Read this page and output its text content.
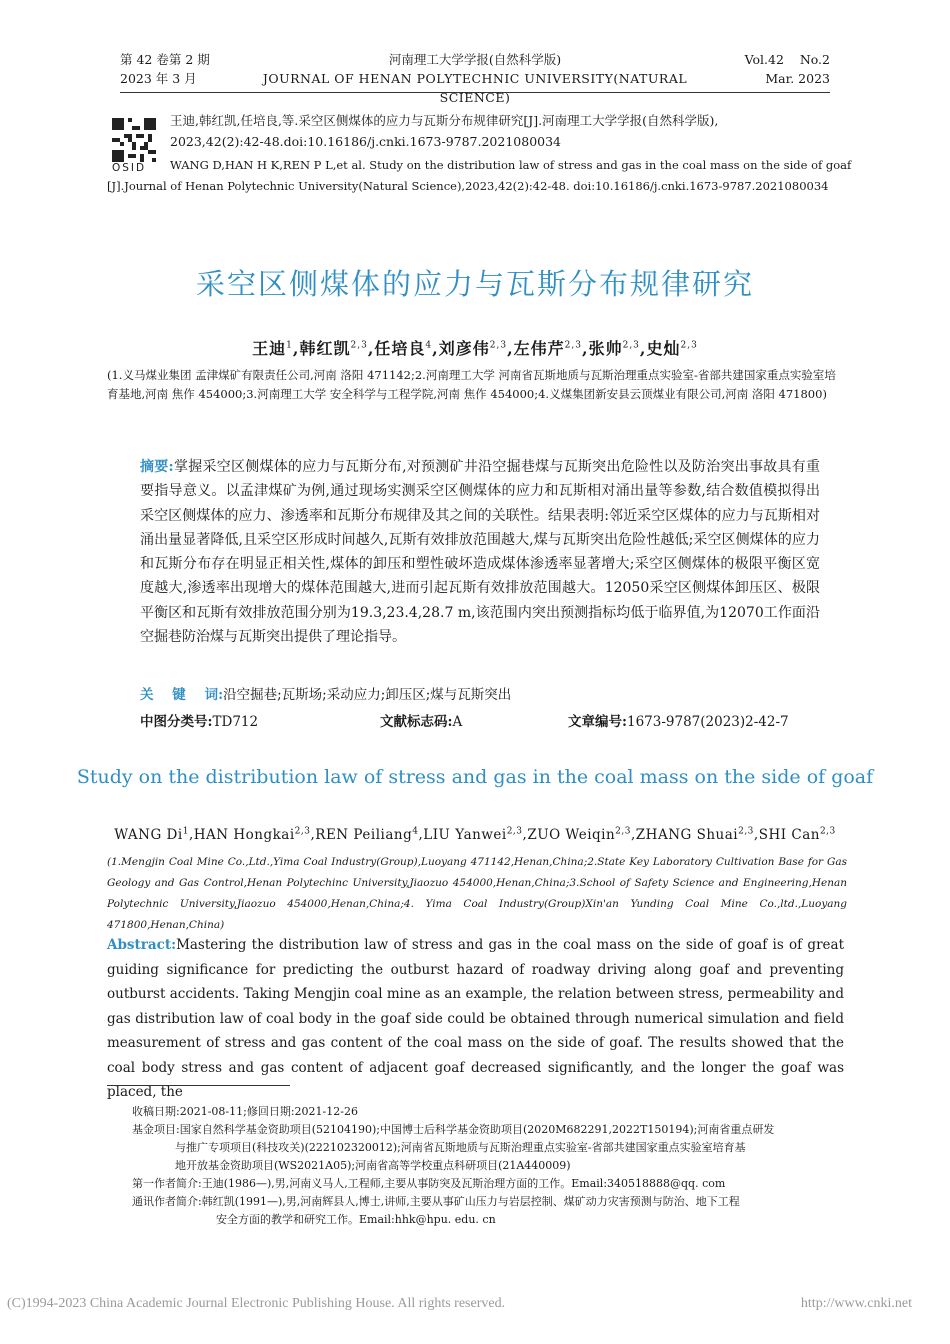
第 42 卷第 2 期
2023 年 3 月
河南理工大学学报(自然科学版)
JOURNAL OF HENAN POLYTECHNIC UNIVERSITY(NATURAL SCIENCE)
Vol.42    No.2
Mar. 2023
OSID
王迪,韩红凯,任培良,等.采空区侧煤体的应力与瓦斯分布规律研究[J].河南理工大学学报(自然科学版),
2023,42(2):42-48.doi:10.16186/j.cnki.1673-9787.2021080034
WANG D,HAN H K,REN P L,et al. Study on the distribution law of stress and gas in the coal mass on the side of goaf
[J].Journal of Henan Polytechnic University(Natural Science),2023,42(2):42-48. doi:10.16186/j.cnki.1673-9787.2021080034
采空区侧煤体的应力与瓦斯分布规律研究
王迪$^1$,韩红凯$^{2,3}$,任培良$^4$,刘彦伟$^{2,3}$,左伟芹$^{2,3}$,张帅$^{2,3}$,史灿$^{2,3}$
(1.义马煤业集团 孟津煤矿有限责任公司,河南 洛阳 471142;2.河南理工大学 河南省瓦斯地质与瓦斯治理重点实验室-省部共建国家重点实验室培育基地,河南 焦作 454000;3.河南理工大学 安全科学与工程学院,河南 焦作 454000;4.义煤集团新安县云顶煤业有限公司,河南 洛阳 471800)
摘要:掌握采空区侧煤体的应力与瓦斯分布,对预测矿井沿空掘巷煤与瓦斯突出危险性以及防治突出事故具有重要指导意义。以孟津煤矿为例,通过现场实测采空区侧煤体的应力和瓦斯相对涌出量等参数,结合数值模拟得出采空区侧煤体的应力、渗透率和瓦斯分布规律及其之间的关联性。结果表明:邻近采空区煤体的应力与瓦斯相对涌出量显著降低,且采空区形成时间越久,瓦斯有效排放范围越大,煤与瓦斯突出危险性越低;采空区侧煤体的应力和瓦斯分布存在明显正相关性,煤体的卸压和塑性破坏造成煤体渗透率显著增大;采空区侧煤体的极限平衡区宽度越大,渗透率出现增大的煤体范围越大,进而引起瓦斯有效排放范围越大。12050采空区侧煤体卸压区、极限平衡区和瓦斯有效排放范围分别为19.3,23.4,28.7 m,该范围内突出预测指标均低于临界值,为12070工作面沿空掘巷防治煤与瓦斯突出提供了理论指导。
关    键    词:沿空掘巷;瓦斯场;采动应力;卸压区;煤与瓦斯突出
中图分类号:TD712	文献标志码:A	文章编号:1673-9787(2023)2-42-7
Study on the distribution law of stress and gas in the coal mass on the side of goaf
WANG Di$^1$,HAN Hongkai$^{2,3}$,REN Peiliang$^4$,LIU Yanwei$^{2,3}$,ZUO Weiqin$^{2,3}$,ZHANG Shuai$^{2,3}$,SHI Can$^{2,3}$
(1.Mengjin Coal Mine Co.,Ltd.,Yima Coal Industry(Group),Luoyang 471142,Henan,China;2.State Key Laboratory Cultivation Base for Gas Geology and Gas Control,Henan Polytechinc University,Jiaozuo 454000,Henan,China;3.School of Safety Science and Engineering,Henan Polytechnic University,Jiaozuo 454000,Henan,China;4. Yima Coal Industry(Group)Xin'an Yunding Coal Mine Co.,ltd.,Luoyang 471800,Henan,China)
Abstract:Mastering the distribution law of stress and gas in the coal mass on the side of goaf is of great guiding significance for predicting the outburst hazard of roadway driving along goaf and preventing outburst accidents. Taking Mengjin coal mine as an example, the relation between stress, permeability and gas distribution law of coal body in the goaf side could be obtained through numerical simulation and field measurement of stress and gas content of the coal mass on the side of goaf. The results showed that the coal body stress and gas content of adjacent goaf decreased significantly, and the longer the goaf was placed, the
收稿日期:2021-08-11;修回日期:2021-12-26
基金项目:国家自然科学基金资助项目(52104190);中国博士后科学基金资助项目(2020M682291,2022T150194);河南省重点研发
与推广专项项目(科技攻关)(222102320012);河南省瓦斯地质与瓦斯治理重点实验室-省部共建国家重点实验室培育基
地开放基金资助项目(WS2021A05);河南省高等学校重点科研项目(21A440009)
第一作者简介:王迪(1986—),男,河南义马人,工程师,主要从事防突及瓦斯治理方面的工作。Email:340518888@qq. com
通讯作者简介:韩红凯(1991—),男,河南辉县人,博士,讲师,主要从事矿山压力与岩层控制、煤矿动力灾害预测与防治、地下工程
安全方面的教学和研究工作。Email:hhk@hpu. edu. cn
(C)1994-2023 China Academic Journal Electronic Publishing House. All rights reserved.	http://www.cnki.net
